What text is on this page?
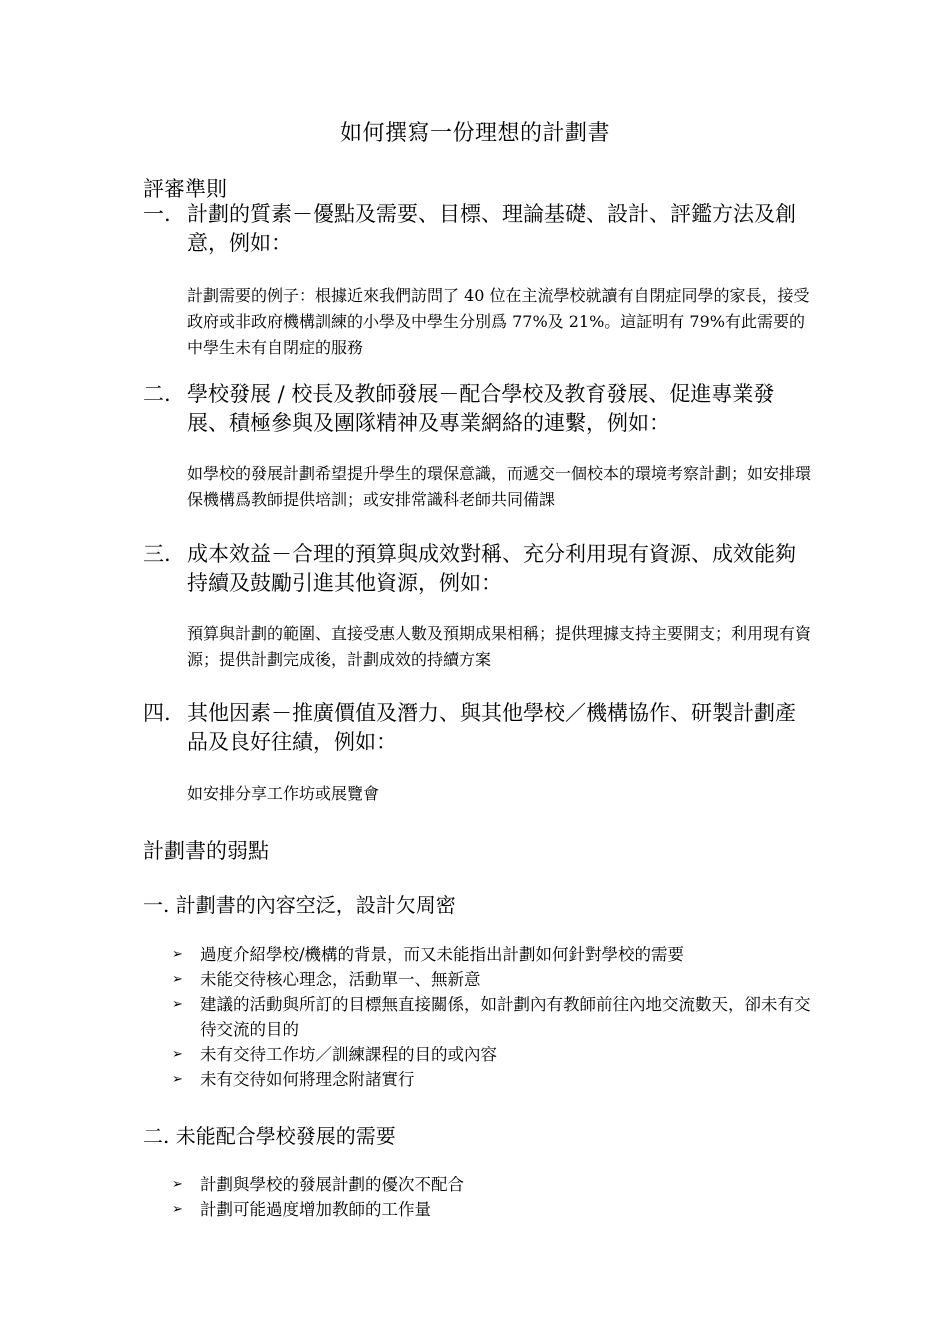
如何撰寫一份理想的計劃書
評審準則
一. 計劃的質素－優點及需要、目標、理論基礎、設計、評鑑方法及創意，例如：
計劃需要的例子：根據近來我們訪問了 40 位在主流學校就讀有自閉症同學的家長，接受政府或非政府機構訓練的小學及中學生分別爲 77%及 21%。這証明有 79%有此需要的中學生未有自閉症的服務
二. 學校發展 / 校長及教師發展－配合學校及教育發展、促進專業發展、積極參與及團隊精神及專業網絡的連繫，例如：
如學校的發展計劃希望提升學生的環保意識，而遞交一個校本的環境考察計劃；如安排環保機構爲教師提供培訓；或安排常識科老師共同備課
三. 成本效益－合理的預算與成效對稱、充分利用現有資源、成效能夠持續及鼓勵引進其他資源，例如：
預算與計劃的範圍、直接受惠人數及預期成果相稱；提供理據支持主要開支；利用現有資源；提供計劃完成後，計劃成效的持續方案
四. 其他因素－推廣價值及潛力、與其他學校／機構協作、研製計劃產品及良好往績，例如：
如安排分享工作坊或展覽會
計劃書的弱點
一. 計劃書的內容空泛，設計欠周密
➢ 過度介紹學校/機構的背景，而又未能指出計劃如何針對學校的需要
➢ 未能交待核心理念，活動單一、無新意
➢ 建議的活動與所訂的目標無直接關係，如計劃內有教師前往內地交流數天，卻未有交待交流的目的
➢ 未有交待工作坊／訓練課程的目的或內容
➢ 未有交待如何將理念附諸實行
二. 未能配合學校發展的需要
➢ 計劃與學校的發展計劃的優次不配合
➢ 計劃可能過度增加教師的工作量
